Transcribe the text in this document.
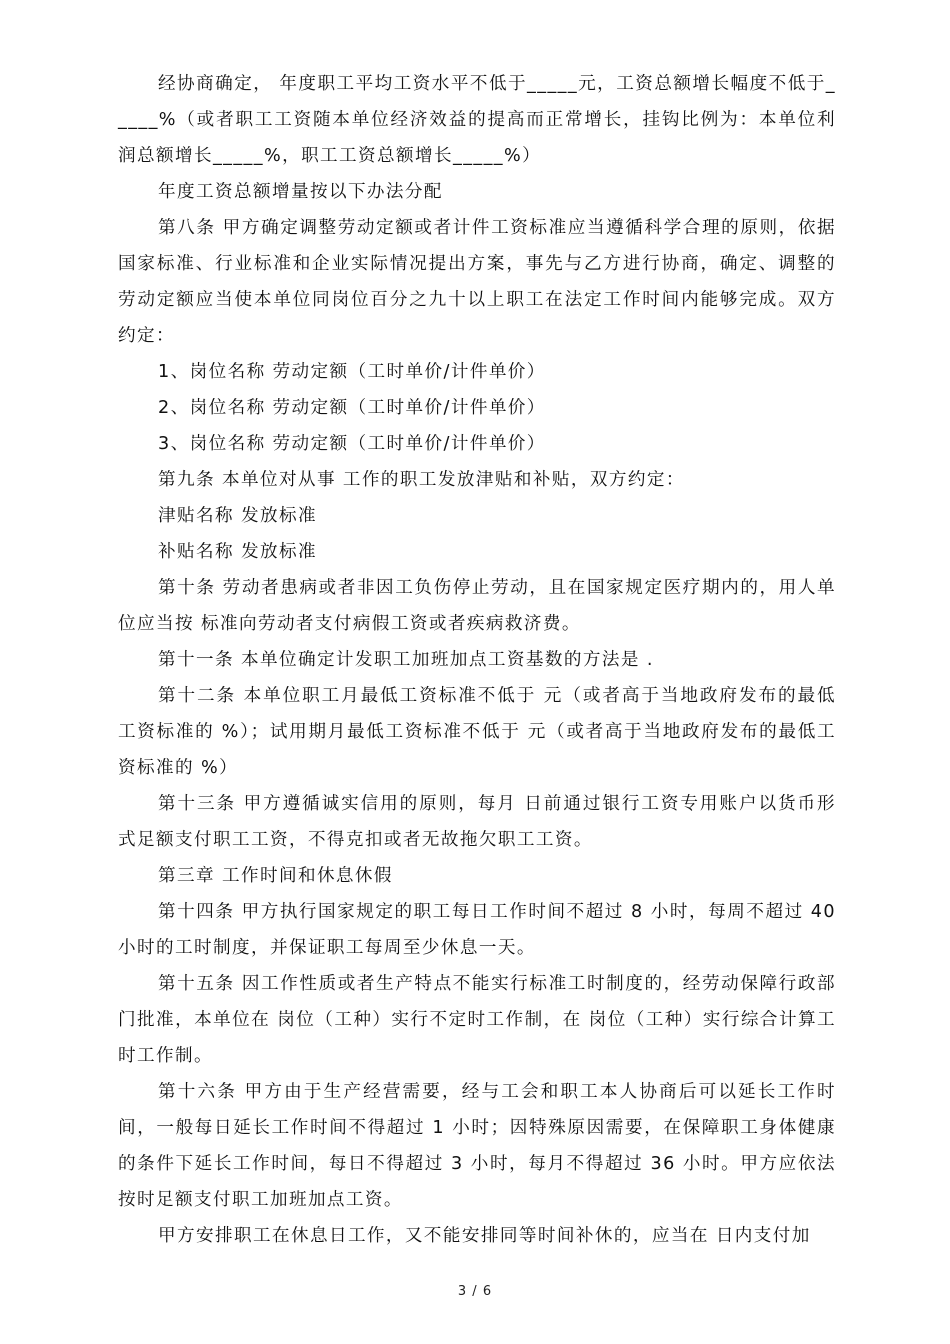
经协商确定， 年度职工平均工资水平不低于_____元，工资总额增长幅度不低于_____%（或者职工工资随本单位经济效益的提高而正常增长，挂钩比例为：本单位利润总额增长_____%，职工工资总额增长_____%）

年度工资总额增量按以下办法分配

第八条 甲方确定调整劳动定额或者计件工资标准应当遵循科学合理的原则，依据国家标准、行业标准和企业实际情况提出方案，事先与乙方进行协商，确定、调整的劳动定额应当使本单位同岗位百分之九十以上职工在法定工作时间内能够完成。双方约定：

1、岗位名称 劳动定额（工时单价/计件单价）

2、岗位名称 劳动定额（工时单价/计件单价）

3、岗位名称 劳动定额（工时单价/计件单价）

第九条 本单位对从事 工作的职工发放津贴和补贴，双方约定：

津贴名称 发放标准

补贴名称 发放标准

第十条 劳动者患病或者非因工负伤停止劳动，且在国家规定医疗期内的，用人单位应当按 标准向劳动者支付病假工资或者疾病救济费。

第十一条 本单位确定计发职工加班加点工资基数的方法是 .

第十二条 本单位职工月最低工资标准不低于 元（或者高于当地政府发布的最低工资标准的 %）；试用期月最低工资标准不低于 元（或者高于当地政府发布的最低工资标准的 %）

第十三条 甲方遵循诚实信用的原则，每月 日前通过银行工资专用账户以货币形式足额支付职工工资，不得克扣或者无故拖欠职工工资。

第三章 工作时间和休息休假

第十四条 甲方执行国家规定的职工每日工作时间不超过 8 小时，每周不超过 40 小时的工时制度，并保证职工每周至少休息一天。

第十五条 因工作性质或者生产特点不能实行标准工时制度的，经劳动保障行政部门批准，本单位在 岗位（工种）实行不定时工作制，在 岗位（工种）实行综合计算工时工作制。

第十六条 甲方由于生产经营需要，经与工会和职工本人协商后可以延长工作时间，一般每日延长工作时间不得超过 1 小时；因特殊原因需要，在保障职工身体健康的条件下延长工作时间，每日不得超过 3 小时，每月不得超过 36 小时。甲方应依法按时足额支付职工加班加点工资。

甲方安排职工在休息日工作，又不能安排同等时间补休的，应当在 日内支付加

3 / 6
